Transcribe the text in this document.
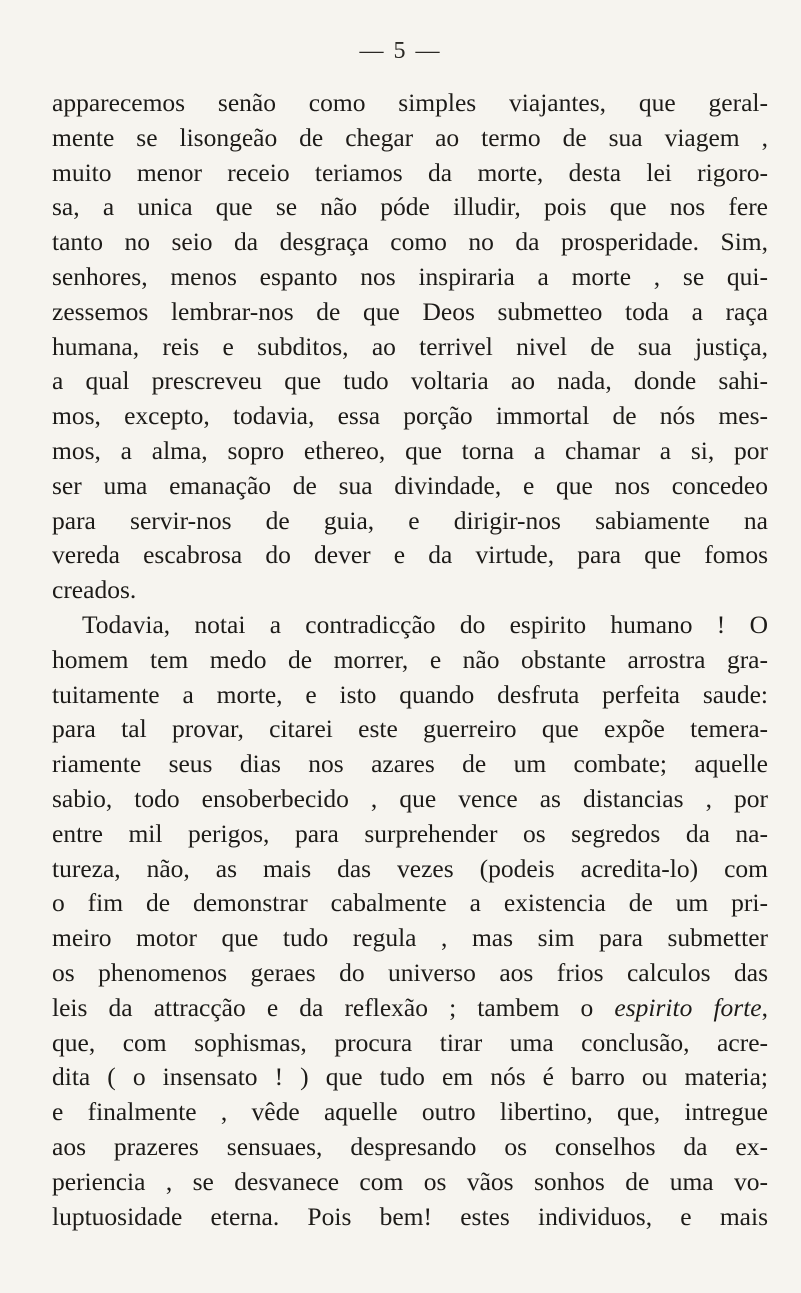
— 5 —
apparecemos senão como simples viajantes, que geral-
mente se lisongeão de chegar ao termo de sua viagem ,
muito menor receio teriamos da morte, desta lei rigoro-
sa, a unica que se não póde illudir, pois que nos fere
tanto no seio da desgraça como no da prosperidade. Sim,
senhores, menos espanto nos inspiraria a morte , se qui-
zessemos lembrar-nos de que Deos submetteo toda a raça
humana, reis e subditos, ao terrivel nivel de sua justiça,
a qual prescreveu que tudo voltaria ao nada, donde sahi-
mos, excepto, todavia, essa porção immortal de nós mes-
mos, a alma, sopro ethereo, que torna a chamar a si, por
ser uma emanação de sua divindade, e que nos concedeo
para servir-nos de guia, e dirigir-nos sabiamente na
vereda escabrosa do dever e da virtude, para que fomos
creados.
Todavia, notai a contradicção do espirito humano ! O
homem tem medo de morrer, e não obstante arrostra gra-
tuitamente a morte, e isto quando desfruta perfeita saude:
para tal provar, citarei este guerreiro que expõe temera-
riamente seus dias nos azares de um combate; aquelle
sabio, todo ensoberbecido , que vence as distancias , por
entre mil perigos, para surprehender os segredos da na-
tureza, não, as mais das vezes (podeis acredita-lo) com
o fim de demonstrar cabalmente a existencia de um pri-
meiro motor que tudo regula , mas sim para submetter
os phenomenos geraes do universo aos frios calculos das
leis da attracção e da reflexão ; tambem o espirito forte,
que, com sophismas, procura tirar uma conclusão, acre-
dita ( o insensato ! ) que tudo em nós é barro ou materia;
e finalmente , vêde aquelle outro libertino, que, intregue
aos prazeres sensuaes, despresando os conselhos da ex-
periencia , se desvanece com os vãos sonhos de uma vo-
luptuosidade eterna. Pois bem! estes individuos, e mais
